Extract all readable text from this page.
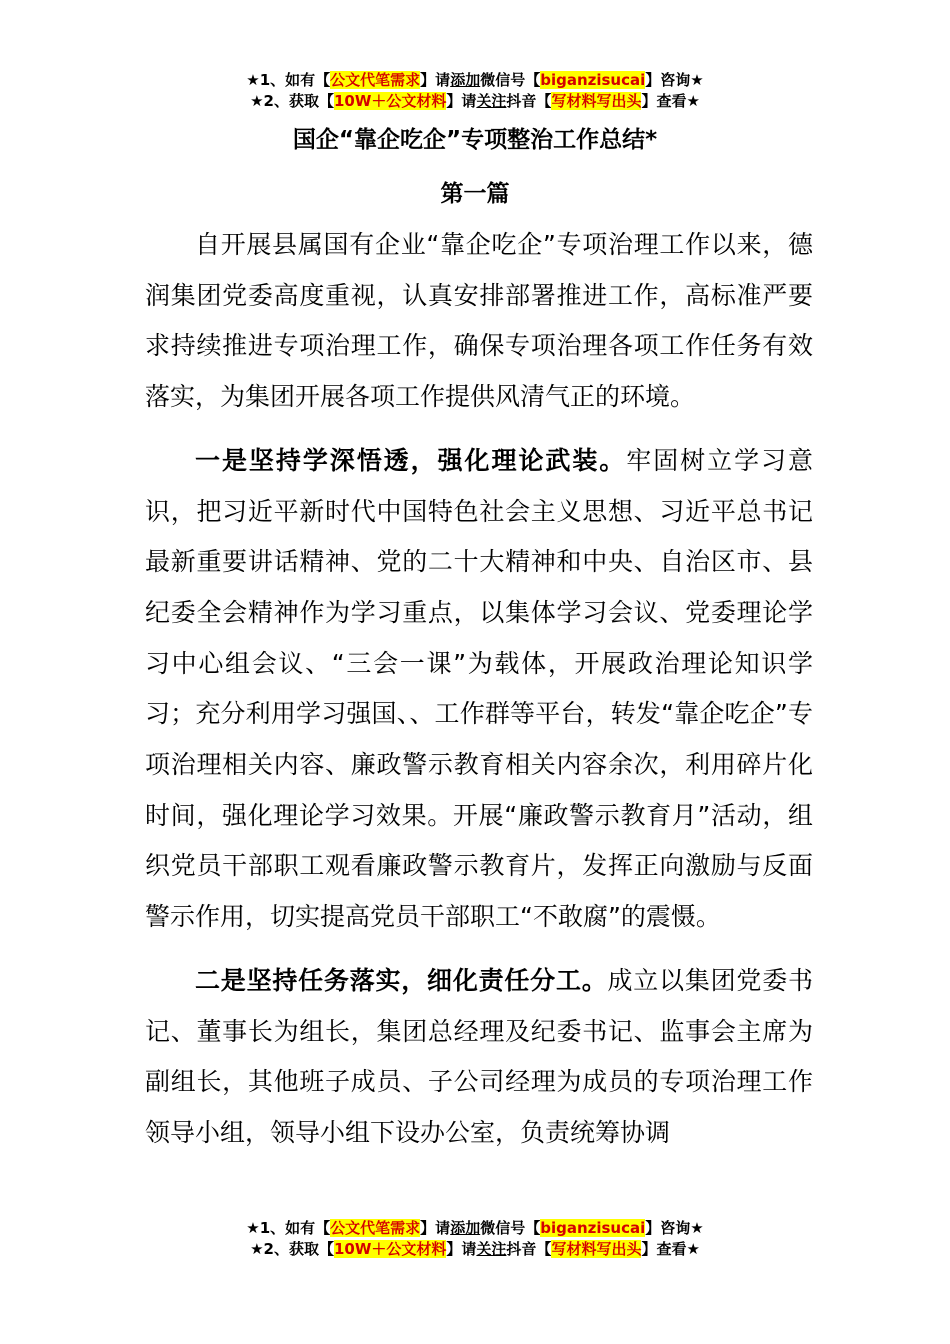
★1、如有【公文代笔需求】请添加微信号【biganzisucai】咨询★
★2、获取【10W＋公文材料】请关注抖音【写材料写出头】查看★
国企“靠企吃企”专项整治工作总结*
第一篇

自开展县属国有企业“靠企吃企”专项治理工作以来，德润集团党委高度重视，认真安排部署推进工作，高标准严要求持续推进专项治理工作，确保专项治理各项工作任务有效落实，为集团开展各项工作提供风清气正的环境。

一是坚持学深悟透，强化理论武装。牢固树立学习意识，把习近平新时代中国特色社会主义思想、习近平总书记最新重要讲话精神、党的二十大精神和中央、自治区市、县纪委全会精神作为学习重点，以集体学习会议、党委理论学习中心组会议、“三会一课”为载体，开展政治理论知识学习；充分利用学习强国、、工作群等平台，转发“靠企吃企”专项治理相关内容、廉政警示教育相关内容余次，利用碎片化时间，强化理论学习效果。开展“廉政警示教育月”活动，组织党员干部职工观看廉政警示教育片，发挥正向激励与反面警示作用，切实提高党员干部职工“不敢腐”的震慑。

二是坚持任务落实，细化责任分工。成立以集团党委书记、董事长为组长，集团总经理及纪委书记、监事会主席为副组长，其他班子成员、子公司经理为成员的专项治理工作领导小组，领导小组下设办公室，负责统筹协调

★1、如有【公文代笔需求】请添加微信号【biganzisucai】咨询★
★2、获取【10W＋公文材料】请关注抖音【写材料写出头】查看★
